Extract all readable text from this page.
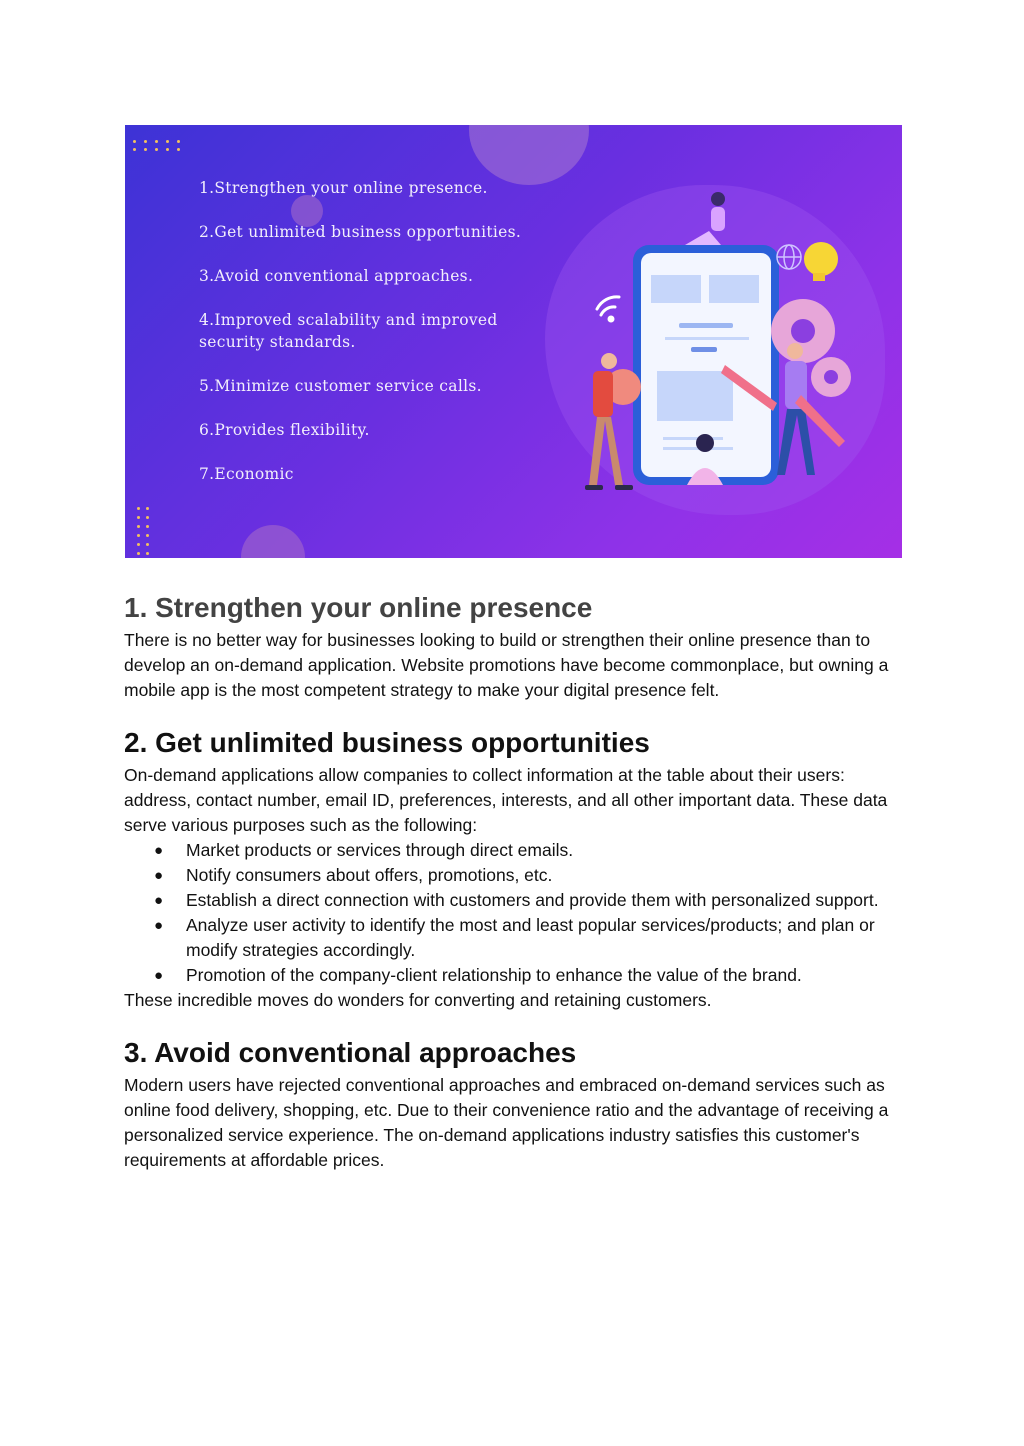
1.Strengthen your online presence.
2.Get unlimited business opportunities.
3.Avoid conventional approaches.
4.Improved scalability and improved security standards.
5.Minimize customer service calls.
6.Provides flexibility.
7.Economic
1. Strengthen your online presence

There is no better way for businesses looking to build or strengthen their online presence than to develop an on-demand application. Website promotions have become commonplace, but owning a mobile app is the most competent strategy to make your digital presence felt.

2. Get unlimited business opportunities

On-demand applications allow companies to collect information at the table about their users: address, contact number, email ID, preferences, interests, and all other important data. These data serve various purposes such as the following:

● Market products or services through direct emails.
● Notify consumers about offers, promotions, etc.
● Establish a direct connection with customers and provide them with personalized support.
● Analyze user activity to identify the most and least popular services/products; and plan or modify strategies accordingly.
● Promotion of the company-client relationship to enhance the value of the brand.

These incredible moves do wonders for converting and retaining customers.

3. Avoid conventional approaches

Modern users have rejected conventional approaches and embraced on-demand services such as online food delivery, shopping, etc. Due to their convenience ratio and the advantage of receiving a personalized service experience. The on-demand applications industry satisfies this customer's requirements at affordable prices.
